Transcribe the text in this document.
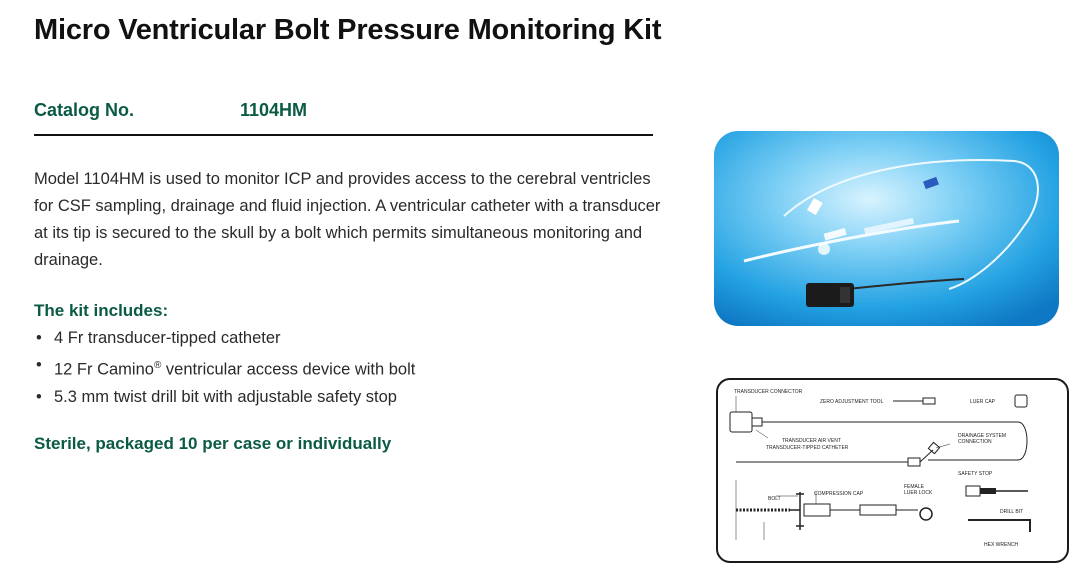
Micro Ventricular Bolt Pressure Monitoring Kit
Catalog No.	1104HM

Model 1104HM is used to monitor ICP and provides access to the cerebral ventricles for CSF sampling, drainage and fluid injection. A ventricular catheter with a transducer at its tip is secured to the skull by a bolt which permits simultaneous monitoring and drainage.

The kit includes:
• 4 Fr transducer-tipped catheter
• 12 Fr Camino® ventricular access device with bolt
• 5.3 mm twist drill bit with adjustable safety stop

Sterile, packaged 10 per case or individually

TRANSDUCER CONNECTOR
ZERO ADJUSTMENT TOOL	LUER CAP
TRANSDUCER AIR VENT
TRANSDUCER-TIPPED CATHETER
DRAINAGE SYSTEM
CONNECTION
SAFETY STOP
BOLT
COMPRESSION CAP
FEMALE
LUER LOCK
DRILL BIT
HEX WRENCH
